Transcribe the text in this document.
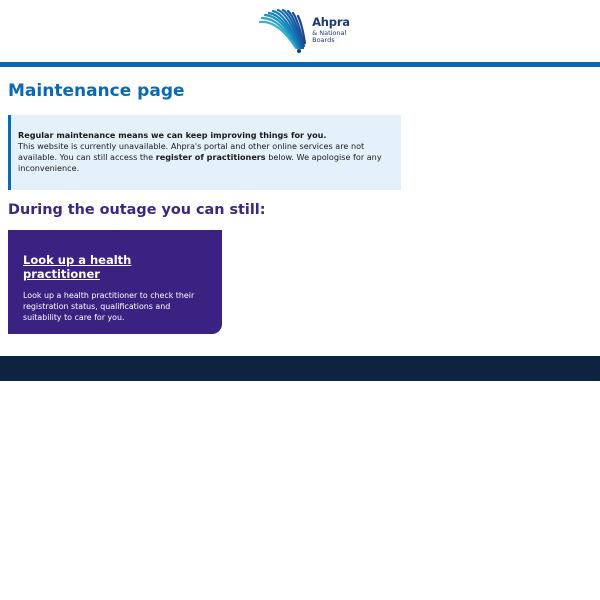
Ahpra
& National
Boards
Maintenance page
Regular maintenance means we can keep improving things for you.
This website is currently unavailable. Ahpra's portal and other online services are not available. You can still access the register of practitioners below. We apologise for any inconvenience.
During the outage you can still:
Look up a health practitioner

Look up a health practitioner to check their registration status, qualifications and suitability to care for you.
